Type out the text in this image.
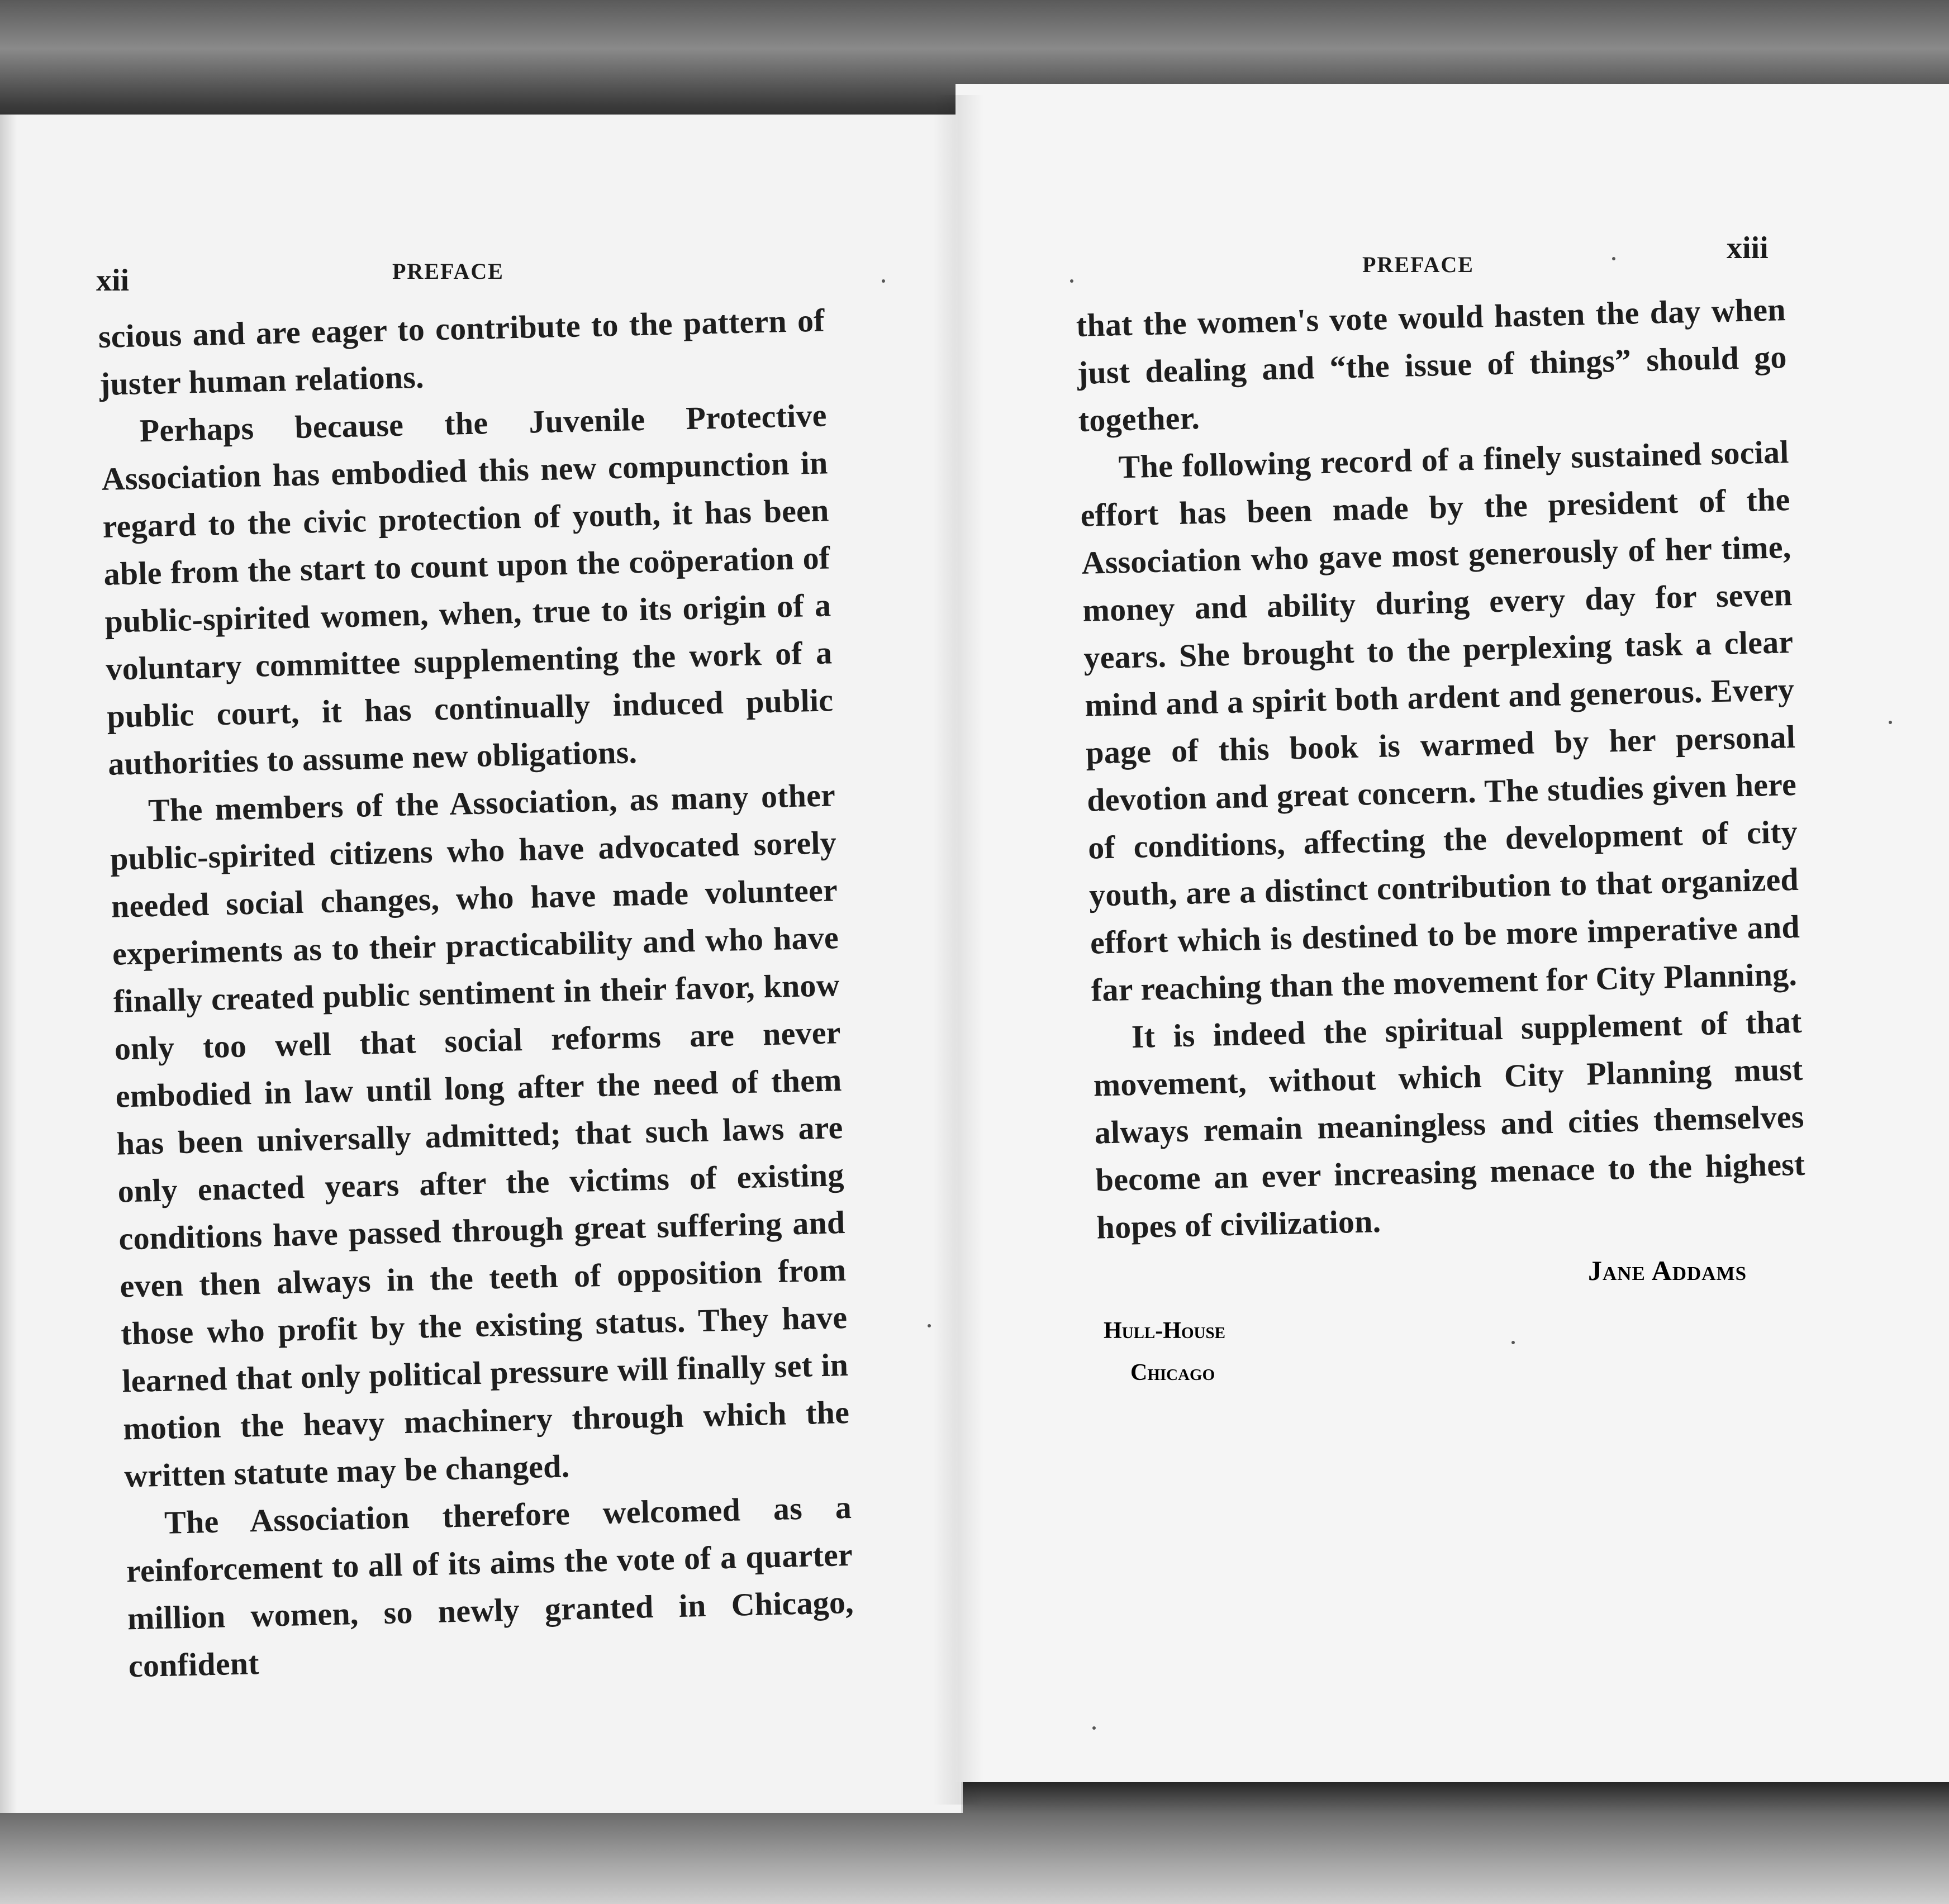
xii	PREFACE

scious and are eager to contribute to the pattern of juster human relations.

Perhaps because the Juvenile Protective Association has embodied this new compunction in regard to the civic protection of youth, it has been able from the start to count upon the coöperation of public-spirited women, when, true to its origin of a voluntary committee supplementing the work of a public court, it has continually induced public authorities to assume new obligations.

The members of the Association, as many other public-spirited citizens who have advocated sorely needed social changes, who have made volunteer experiments as to their practicability and who have finally created public sentiment in their favor, know only too well that social reforms are never embodied in law until long after the need of them has been universally admitted; that such laws are only enacted years after the victims of existing conditions have passed through great suffering and even then always in the teeth of opposition from those who profit by the existing status. They have learned that only political pressure will finally set in motion the heavy machinery through which the written statute may be changed.

The Association therefore welcomed as a reinforcement to all of its aims the vote of a quarter million women, so newly granted in Chicago, confident

PREFACE	xiii

that the women's vote would hasten the day when just dealing and “the issue of things” should go together.

The following record of a finely sustained social effort has been made by the president of the Association who gave most generously of her time, money and ability during every day for seven years. She brought to the perplexing task a clear mind and a spirit both ardent and generous. Every page of this book is warmed by her personal devotion and great concern. The studies given here of conditions, affecting the development of city youth, are a distinct contribution to that organized effort which is destined to be more imperative and far reaching than the movement for City Planning.

It is indeed the spiritual supplement of that movement, without which City Planning must always remain meaningless and cities themselves become an ever increasing menace to the highest hopes of civilization.

Jane Addams
Hull-House
Chicago
